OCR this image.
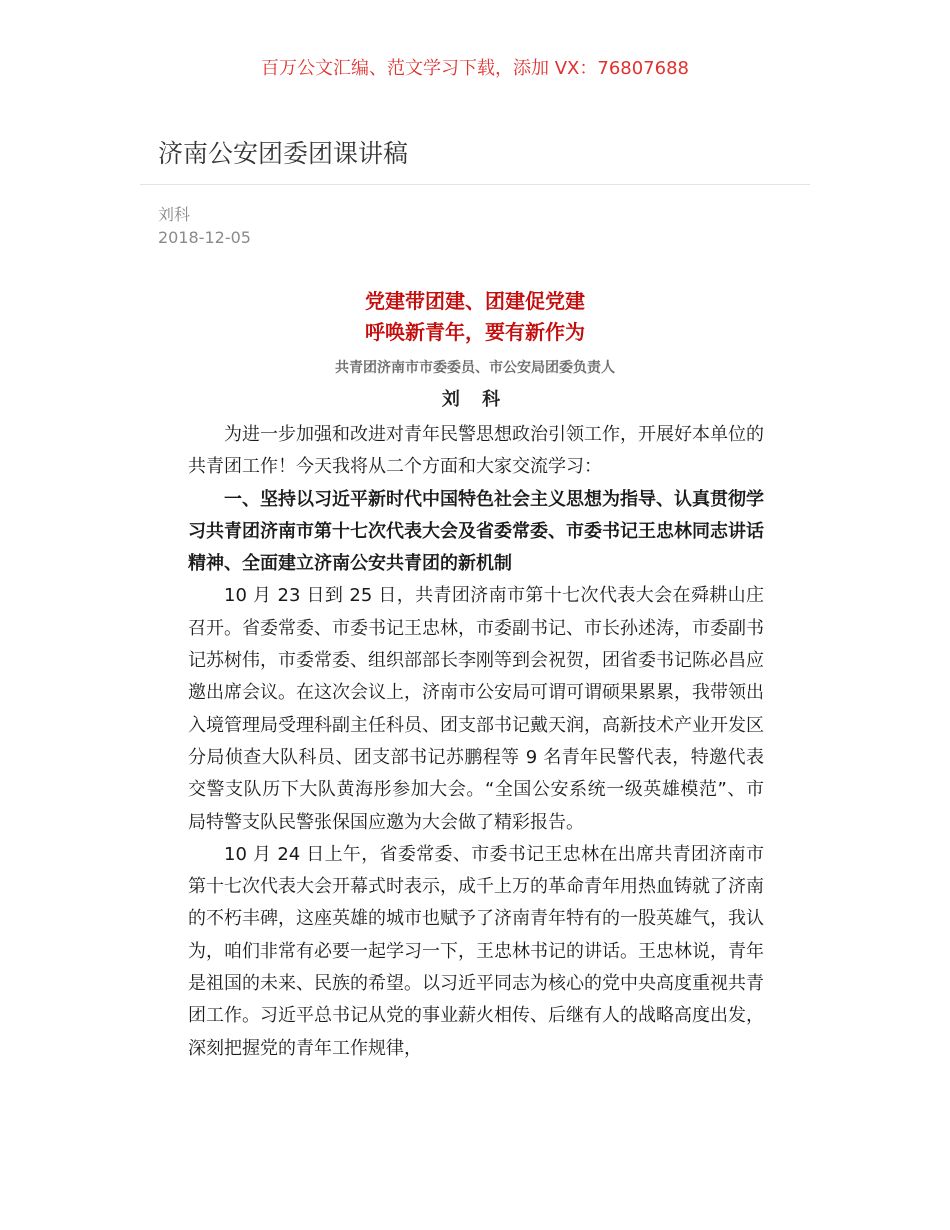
百万公文汇编、范文学习下载，添加 VX：76807688
济南公安团委团课讲稿
刘科
2018-12-05
党建带团建、团建促党建
呼唤新青年，要有新作为
共青团济南市市委委员、市公安局团委负责人
刘 科

为进一步加强和改进对青年民警思想政治引领工作，开展好本单位的共青团工作！今天我将从二个方面和大家交流学习：

一、坚持以习近平新时代中国特色社会主义思想为指导、认真贯彻学习共青团济南市第十七次代表大会及省委常委、市委书记王忠林同志讲话精神、全面建立济南公安共青团的新机制

10 月 23 日到 25 日，共青团济南市第十七次代表大会在舜耕山庄召开。省委常委、市委书记王忠林，市委副书记、市长孙述涛，市委副书记苏树伟，市委常委、组织部部长李刚等到会祝贺，团省委书记陈必昌应邀出席会议。在这次会议上，济南市公安局可谓可谓硕果累累，我带领出入境管理局受理科副主任科员、团支部书记戴天润，高新技术产业开发区分局侦查大队科员、团支部书记苏鹏程等 9 名青年民警代表，特邀代表交警支队历下大队黄海彤参加大会。“全国公安系统一级英雄模范”、市局特警支队民警张保国应邀为大会做了精彩报告。

10 月 24 日上午，省委常委、市委书记王忠林在出席共青团济南市第十七次代表大会开幕式时表示，成千上万的革命青年用热血铸就了济南的不朽丰碑，这座英雄的城市也赋予了济南青年特有的一股英雄气，我认为，咱们非常有必要一起学习一下，王忠林书记的讲话。王忠林说，青年是祖国的未来、民族的希望。以习近平同志为核心的党中央高度重视共青团工作。习近平总书记从党的事业薪火相传、后继有人的战略高度出发，深刻把握党的青年工作规律，
